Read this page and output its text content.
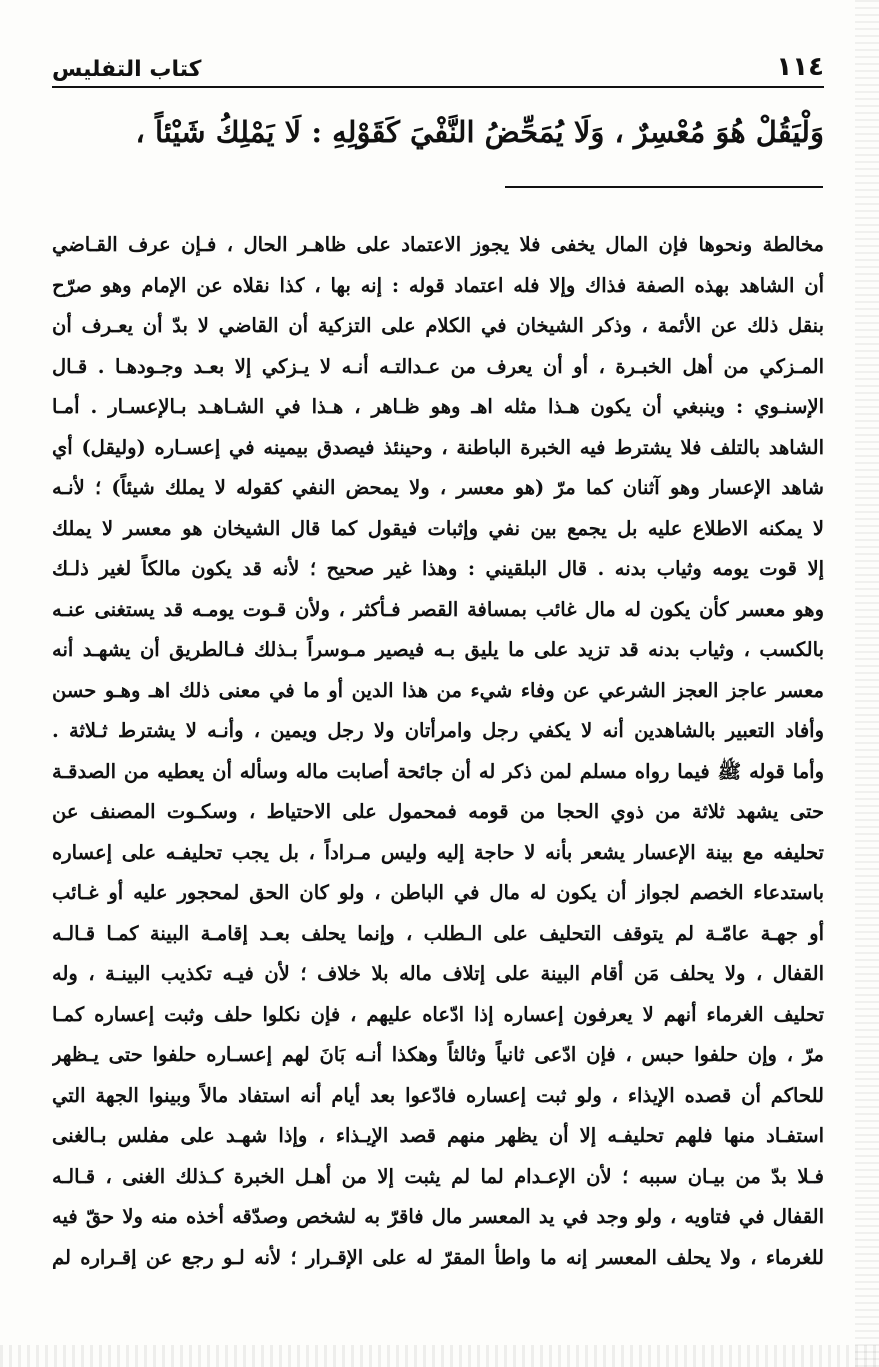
كتاب التفليس	١١٤
وَلْيَقُلْ هُوَ مُعْسِرٌ ، وَلَا يُمَحِّضُ النَّفْيَ كَقَوْلِهِ : لَا يَمْلِكُ شَيْئاً ،
مخالطة ونحوها فإن المال يخفى فلا يجوز الاعتماد على ظاهـر الحال ، فـإن عرف القـاضي
أن الشاهد بهذه الصفة فذاك وإلا فله اعتماد قوله : إنه بها ، كذا نقلاه عن الإمام وهو صرّح
بنقل ذلك عن الأئمة ، وذكر الشيخان في الكلام على التزكية أن القاضي لا بدّ أن يعـرف أن
المـزكي من أهل الخبـرة ، أو أن يعرف من عـدالتـه أنـه لا يـزكي إلا بعـد وجـودهـا . قـال
الإسنـوي : وينبغي أن يكون هـذا مثله اهـ وهو ظـاهر ، هـذا في الشـاهـد بـالإعسـار . أمـا
الشاهد بالتلف فلا يشترط فيه الخبرة الباطنة ، وحينئذ فيصدق بيمينه في إعسـاره (وليقل) أي
شاهد الإعسار وهو آثنان كما مرّ (هو معسر ، ولا يمحض النفي كقوله لا يملك شيئاً) ؛ لأنـه
لا يمكنه الاطلاع عليه بل يجمع بين نفي وإثبات فيقول كما قال الشيخان هو معسر لا يملك
إلا قوت يومه وثياب بدنه . قال البلقيني : وهذا غير صحيح ؛ لأنه قد يكون مالكاً لغير ذلـك
وهو معسر كأن يكون له مال غائب بمسافة القصر فـأكثر ، ولأن قـوت يومـه قد يستغنى عنـه
بالكسب ، وثياب بدنه قد تزيد على ما يليق بـه فيصير مـوسراً بـذلك فـالطريق أن يشهـد أنه
معسر عاجز العجز الشرعي عن وفاء شيء من هذا الدين أو ما في معنى ذلك اهـ وهـو حسن
وأفاد التعبير بالشاهدين أنه لا يكفي رجل وامرأتان ولا رجل ويمين ، وأنـه لا يشترط ثـلاثة .
وأما قوله ﷺ فيما رواه مسلم لمن ذكر له أن جائحة أصابت ماله وسأله أن يعطيه من الصدقـة
حتى يشهد ثلاثة من ذوي الحجا من قومه فمحمول على الاحتياط ، وسكـوت المصنف عن
تحليفه مع بينة الإعسار يشعر بأنه لا حاجة إليه وليس مـراداً ، بل يجب تحليفـه على إعساره
باستدعاء الخصم لجواز أن يكون له مال في الباطن ، ولو كان الحق لمحجور عليه أو غـائب
أو جهـة عامّـة لم يتوقف التحليف على الـطلب ، وإنما يحلف بعـد إقامـة البينة كمـا قـالـه
القفال ، ولا يحلف مَن أقام البينة على إتلاف ماله بلا خلاف ؛ لأن فيـه تكذيب البينـة ، وله
تحليف الغرماء أنهم لا يعرفون إعساره إذا ادّعاه عليهم ، فإن نكلوا حلف وثبت إعساره كمـا
مرّ ، وإن حلفوا حبس ، فإن ادّعى ثانياً وثالثاً وهكذا أنـه بَانَ لهم إعسـاره حلفوا حتى يـظهر
للحاكم أن قصده الإيذاء ، ولو ثبت إعساره فادّعوا بعد أيام أنه استفاد مالاً وبينوا الجهة التي
استفـاد منها فلهم تحليفـه إلا أن يظهر منهم قصد الإيـذاء ، وإذا شهـد على مفلس بـالغنى
فـلا بدّ من بيـان سببه ؛ لأن الإعـدام لما لم يثبت إلا من أهـل الخبرة كـذلك الغنى ، قـالـه
القفال في فتاويه ، ولو وجد في يد المعسر مال فاقرّ به لشخص وصدّقه أخذه منه ولا حقّ فيه
للغرماء ، ولا يحلف المعسر إنه ما واطأ المقرّ له على الإقـرار ؛ لأنه لـو رجع عن إقـراره لم
